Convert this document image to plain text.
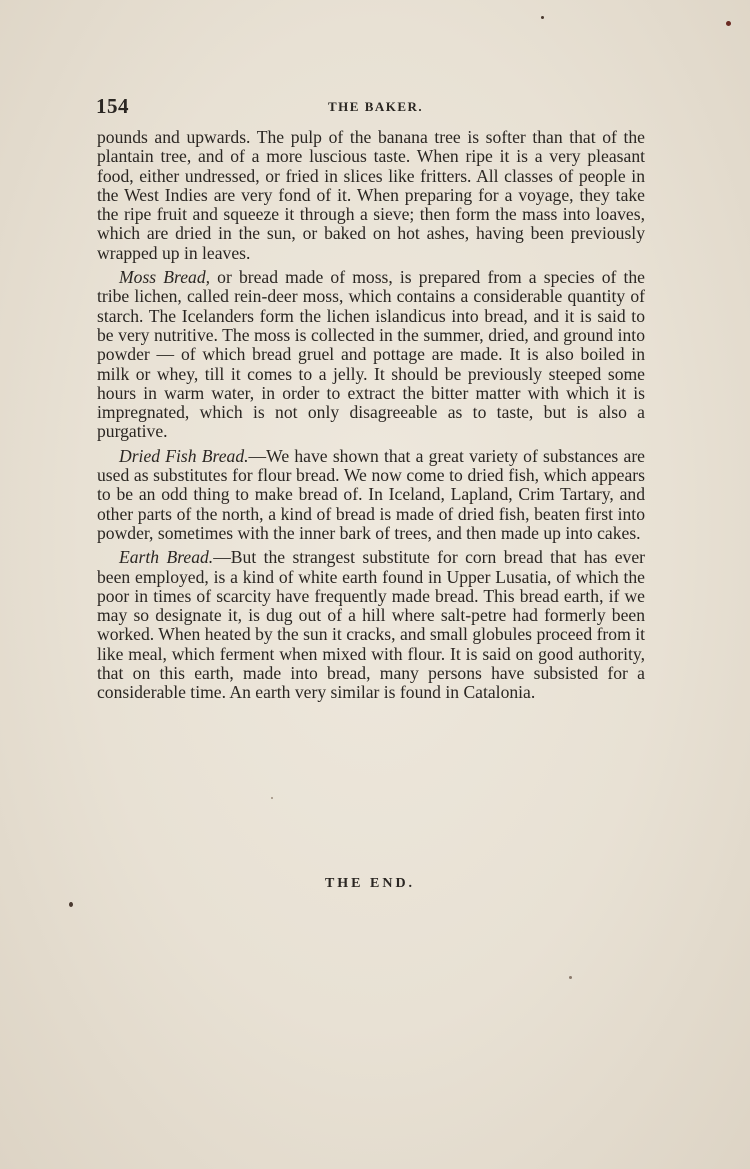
154	THE BAKER.

pounds and upwards. The pulp of the banana tree is softer than that of the plantain tree, and of a more luscious taste. When ripe it is a very pleasant food, either undressed, or fried in slices like fritters. All classes of people in the West Indies are very fond of it. When preparing for a voyage, they take the ripe fruit and squeeze it through a sieve; then form the mass into loaves, which are dried in the sun, or baked on hot ashes, having been previously wrapped up in leaves.

Moss Bread, or bread made of moss, is prepared from a species of the tribe lichen, called rein-deer moss, which contains a considerable quantity of starch. The Icelanders form the lichen islandicus into bread, and it is said to be very nutritive. The moss is collected in the summer, dried, and ground into powder — of which bread gruel and pottage are made. It is also boiled in milk or whey, till it comes to a jelly. It should be previously steeped some hours in warm water, in order to extract the bitter matter with which it is impregnated, which is not only disagreeable as to taste, but is also a purgative.

Dried Fish Bread.—We have shown that a great variety of substances are used as substitutes for flour bread. We now come to dried fish, which appears to be an odd thing to make bread of. In Iceland, Lapland, Crim Tartary, and other parts of the north, a kind of bread is made of dried fish, beaten first into powder, sometimes with the inner bark of trees, and then made up into cakes.

Earth Bread.—But the strangest substitute for corn bread that has ever been employed, is a kind of white earth found in Upper Lusatia, of which the poor in times of scarcity have frequently made bread. This bread earth, if we may so designate it, is dug out of a hill where salt-petre had formerly been worked. When heated by the sun it cracks, and small globules proceed from it like meal, which ferment when mixed with flour. It is said on good authority, that on this earth, made into bread, many persons have subsisted for a considerable time. An earth very similar is found in Catalonia.

THE END.
